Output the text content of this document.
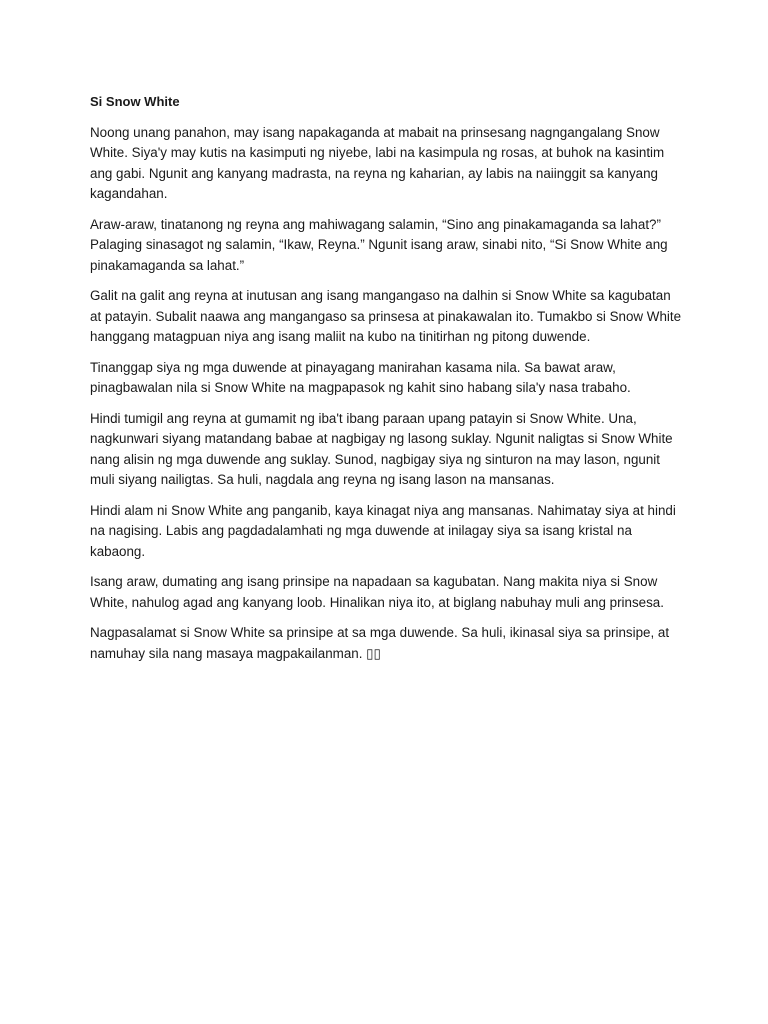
Si Snow White

Noong unang panahon, may isang napakaganda at mabait na prinsesang nagngangalang Snow White. Siya'y may kutis na kasimputi ng niyebe, labi na kasimpula ng rosas, at buhok na kasintim ang gabi. Ngunit ang kanyang madrasta, na reyna ng kaharian, ay labis na naiinggit sa kanyang kagandahan.

Araw-araw, tinatanong ng reyna ang mahiwagang salamin, “Sino ang pinakamaganda sa lahat?” Palaging sinasagot ng salamin, “Ikaw, Reyna.” Ngunit isang araw, sinabi nito, “Si Snow White ang pinakamaganda sa lahat.”

Galit na galit ang reyna at inutusan ang isang mangangaso na dalhin si Snow White sa kagubatan at patayin. Subalit naawa ang mangangaso sa prinsesa at pinakawalan ito. Tumakbo si Snow White hanggang matagpuan niya ang isang maliit na kubo na tinitirhan ng pitong duwende.

Tinanggap siya ng mga duwende at pinayagang manirahan kasama nila. Sa bawat araw, pinagbawalan nila si Snow White na magpapasok ng kahit sino habang sila'y nasa trabaho.

Hindi tumigil ang reyna at gumamit ng iba't ibang paraan upang patayin si Snow White. Una, nagkunwari siyang matandang babae at nagbigay ng lasong suklay. Ngunit naligtas si Snow White nang alisin ng mga duwende ang suklay. Sunod, nagbigay siya ng sinturon na may lason, ngunit muli siyang nailigtas. Sa huli, nagdala ang reyna ng isang lason na mansanas.

Hindi alam ni Snow White ang panganib, kaya kinagat niya ang mansanas. Nahimatay siya at hindi na nagising. Labis ang pagdadalamhati ng mga duwende at inilagay siya sa isang kristal na kabaong.

Isang araw, dumating ang isang prinsipe na napadaan sa kagubatan. Nang makita niya si Snow White, nahulog agad ang kanyang loob. Hinalikan niya ito, at biglang nabuhay muli ang prinsesa.

Nagpasalamat si Snow White sa prinsipe at sa mga duwende. Sa huli, ikinasal siya sa prinsipe, at namuhay sila nang masaya magpakailanman. ▯▯
